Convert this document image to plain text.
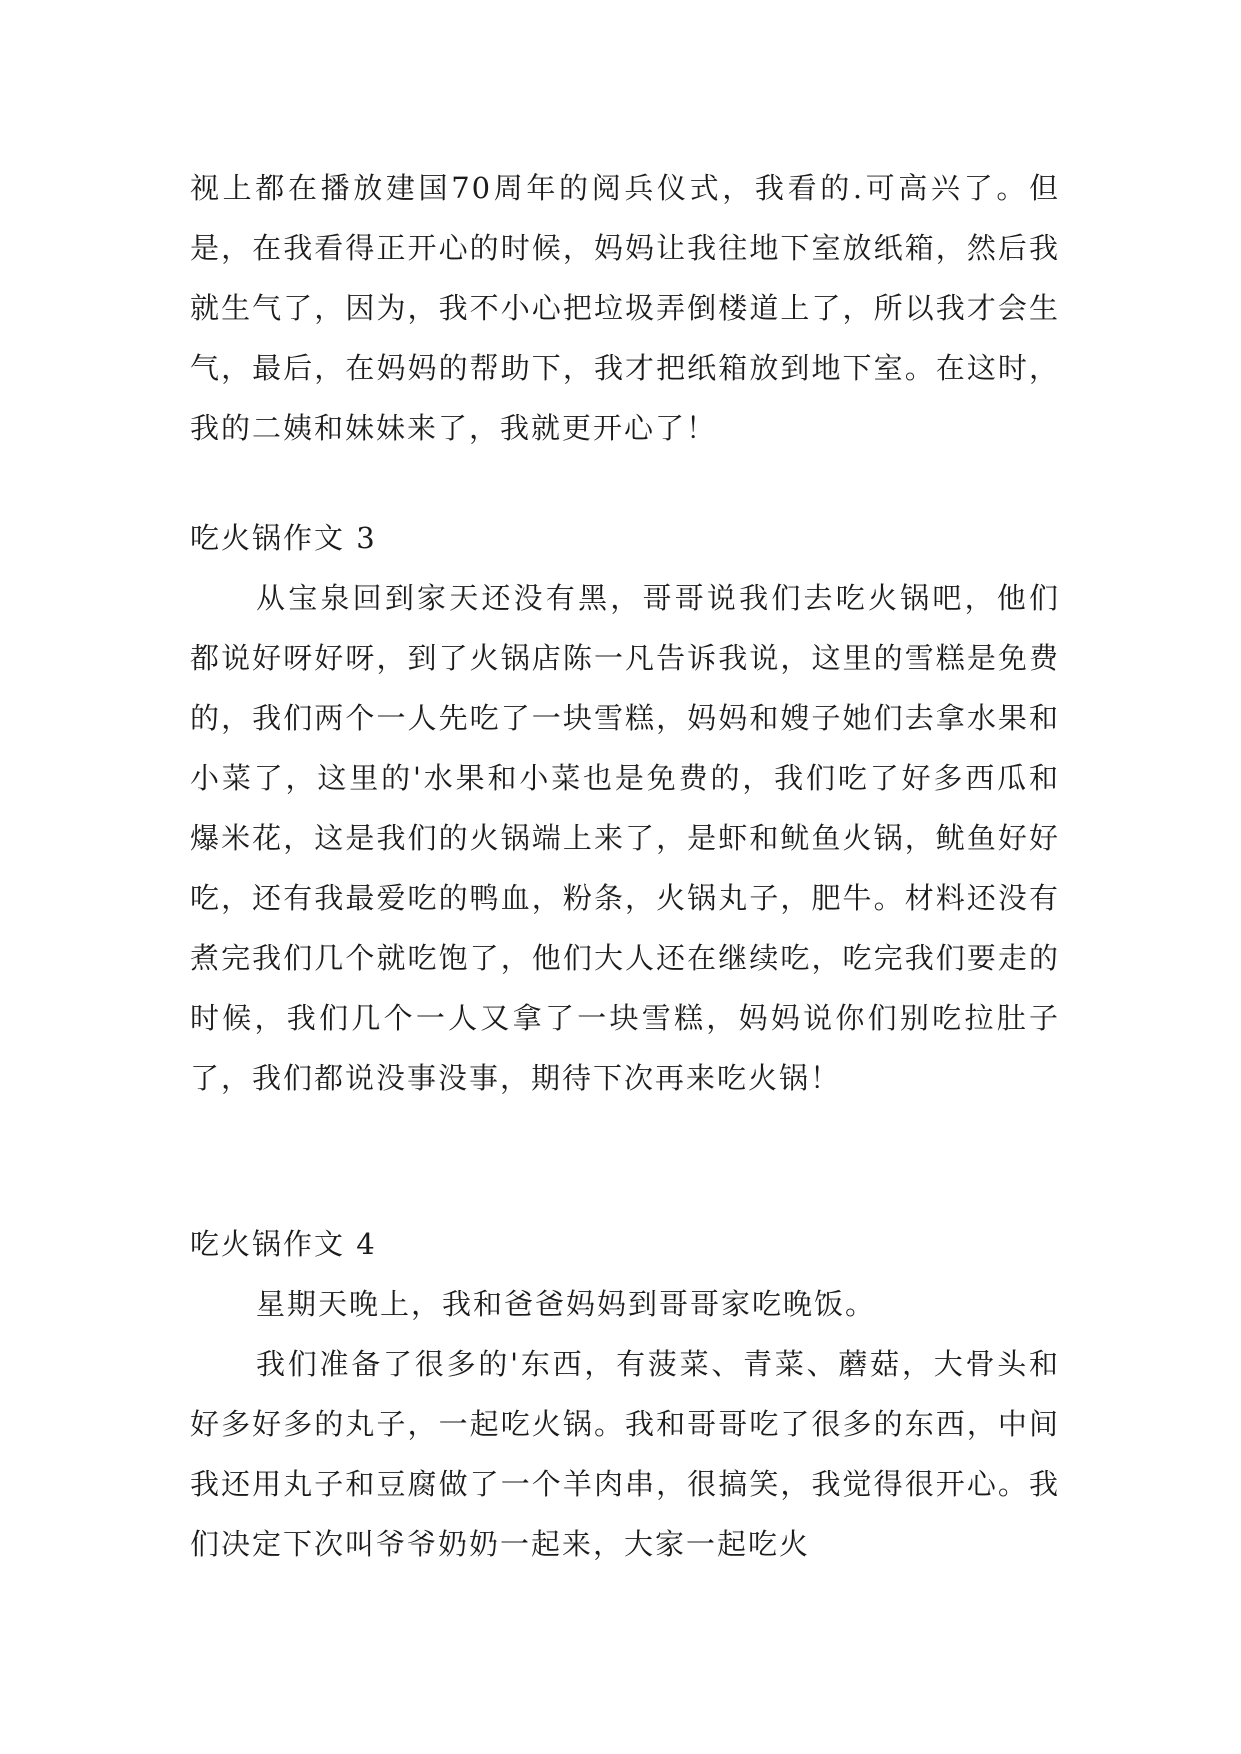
视上都在播放建国70周年的阅兵仪式，我看的.可高兴了。但是，在我看得正开心的时候，妈妈让我往地下室放纸箱，然后我就生气了，因为，我不小心把垃圾弄倒楼道上了，所以我才会生气，最后，在妈妈的帮助下，我才把纸箱放到地下室。在这时，我的二姨和妹妹来了，我就更开心了！

吃火锅作文 3

从宝泉回到家天还没有黑，哥哥说我们去吃火锅吧，他们都说好呀好呀，到了火锅店陈一凡告诉我说，这里的雪糕是免费的，我们两个一人先吃了一块雪糕，妈妈和嫂子她们去拿水果和小菜了，这里的'水果和小菜也是免费的，我们吃了好多西瓜和爆米花，这是我们的火锅端上来了，是虾和鱿鱼火锅，鱿鱼好好吃，还有我最爱吃的鸭血，粉条，火锅丸子，肥牛。材料还没有煮完我们几个就吃饱了，他们大人还在继续吃，吃完我们要走的时候，我们几个一人又拿了一块雪糕，妈妈说你们别吃拉肚子了，我们都说没事没事，期待下次再来吃火锅！

吃火锅作文 4

星期天晚上，我和爸爸妈妈到哥哥家吃晚饭。

我们准备了很多的'东西，有菠菜、青菜、蘑菇，大骨头和好多好多的丸子，一起吃火锅。我和哥哥吃了很多的东西，中间我还用丸子和豆腐做了一个羊肉串，很搞笑，我觉得很开心。我们决定下次叫爷爷奶奶一起来，大家一起吃火
